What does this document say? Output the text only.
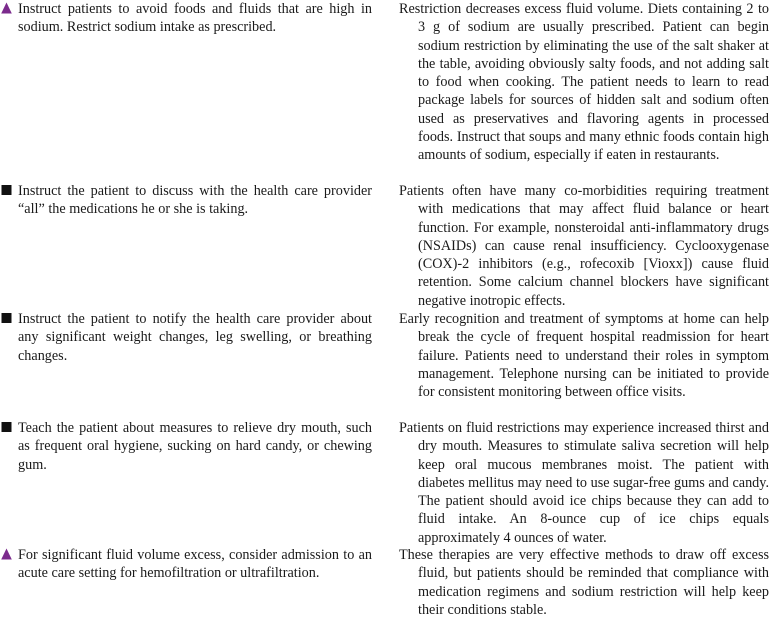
Instruct patients to avoid foods and fluids that are high in sodium. Restrict sodium intake as prescribed.
Restriction decreases excess fluid volume. Diets containing 2 to 3 g of sodium are usually prescribed. Patient can begin sodium restriction by eliminating the use of the salt shaker at the table, avoiding obviously salty foods, and not adding salt to food when cooking. The patient needs to learn to read package labels for sources of hidden salt and sodium often used as preservatives and flavoring agents in processed foods. Instruct that soups and many ethnic foods contain high amounts of sodium, especially if eaten in restaurants.
Instruct the patient to discuss with the health care provider “all” the medications he or she is taking.
Patients often have many co-morbidities requiring treatment with medications that may affect fluid balance or heart function. For example, nonsteroidal anti-inflammatory drugs (NSAIDs) can cause renal insufficiency. Cyclooxygenase (COX)-2 inhibitors (e.g., rofecoxib [Vioxx]) cause fluid retention. Some calcium channel blockers have significant negative inotropic effects.
Instruct the patient to notify the health care provider about any significant weight changes, leg swelling, or breathing changes.
Early recognition and treatment of symptoms at home can help break the cycle of frequent hospital readmission for heart failure. Patients need to understand their roles in symptom management. Telephone nursing can be initiated to provide for consistent monitoring between office visits.
Teach the patient about measures to relieve dry mouth, such as frequent oral hygiene, sucking on hard candy, or chewing gum.
Patients on fluid restrictions may experience increased thirst and dry mouth. Measures to stimulate saliva secretion will help keep oral mucous membranes moist. The patient with diabetes mellitus may need to use sugar-free gums and candy. The patient should avoid ice chips because they can add to fluid intake. An 8-ounce cup of ice chips equals approximately 4 ounces of water.
For significant fluid volume excess, consider admission to an acute care setting for hemofiltration or ultrafiltration.
These therapies are very effective methods to draw off excess fluid, but patients should be reminded that compliance with medication regimens and sodium restriction will help keep their conditions stable.
